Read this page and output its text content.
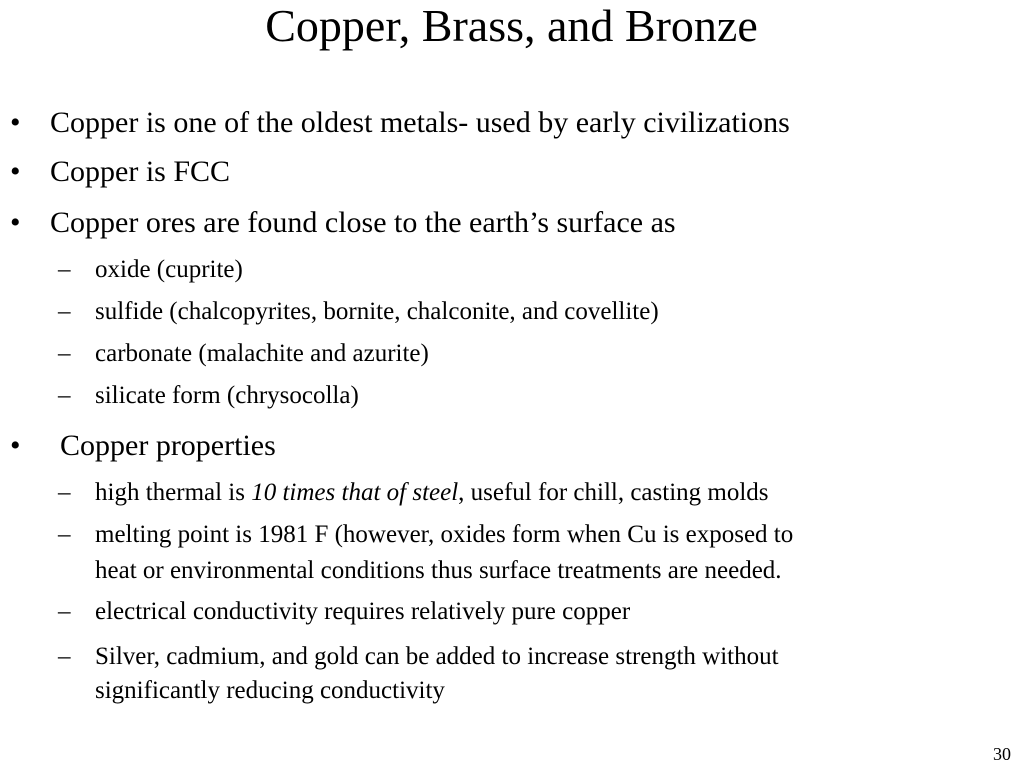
Copper, Brass, and Bronze
• Copper is one of the oldest metals- used by early civilizations
• Copper is FCC
• Copper ores are found close to the earth’s surface as
– oxide (cuprite)
– sulfide (chalcopyrites, bornite, chalconite, and covellite)
– carbonate (malachite and azurite)
– silicate form (chrysocolla)
• Copper properties
– high thermal is 10 times that of steel, useful for chill, casting molds
– melting point is 1981 F (however, oxides form when Cu is exposed to
heat or environmental conditions thus surface treatments are needed.
– electrical conductivity requires relatively pure copper
– Silver, cadmium, and gold can be added to increase strength without
significantly reducing conductivity
30
